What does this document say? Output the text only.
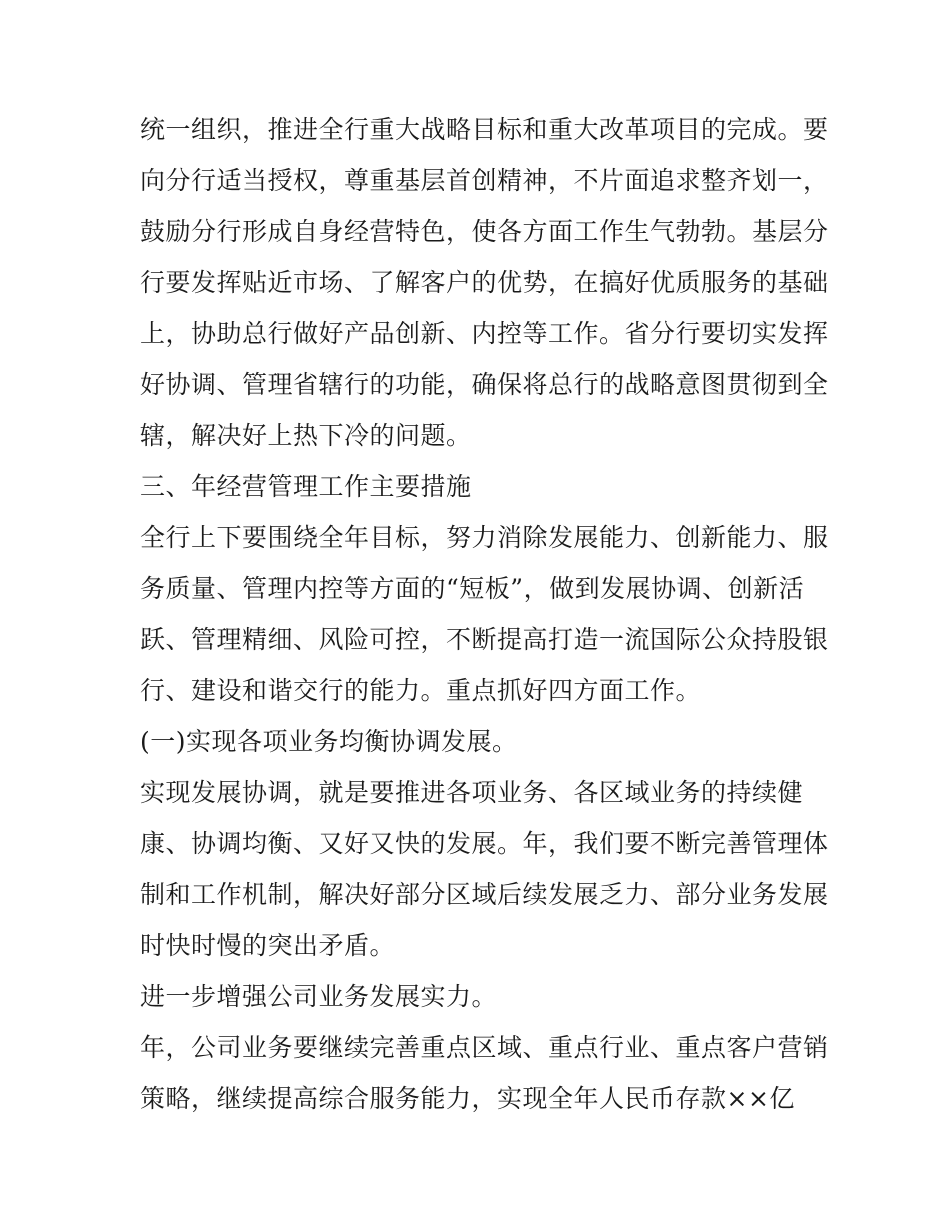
统一组织，推进全行重大战略目标和重大改革项目的完成。要

向分行适当授权，尊重基层首创精神，不片面追求整齐划一，

鼓励分行形成自身经营特色，使各方面工作生气勃勃。基层分

行要发挥贴近市场、了解客户的优势，在搞好优质服务的基础

上，协助总行做好产品创新、内控等工作。省分行要切实发挥

好协调、管理省辖行的功能，确保将总行的战略意图贯彻到全

辖，解决好上热下冷的问题。

三、年经营管理工作主要措施

全行上下要围绕全年目标，努力消除发展能力、创新能力、服

务质量、管理内控等方面的“短板”，做到发展协调、创新活

跃、管理精细、风险可控，不断提高打造一流国际公众持股银

行、建设和谐交行的能力。重点抓好四方面工作。

(一)实现各项业务均衡协调发展。

实现发展协调，就是要推进各项业务、各区域业务的持续健

康、协调均衡、又好又快的发展。年，我们要不断完善管理体

制和工作机制，解决好部分区域后续发展乏力、部分业务发展

时快时慢的突出矛盾。

进一步增强公司业务发展实力。

年，公司业务要继续完善重点区域、重点行业、重点客户营销

策略，继续提高综合服务能力，实现全年人民币存款××亿
